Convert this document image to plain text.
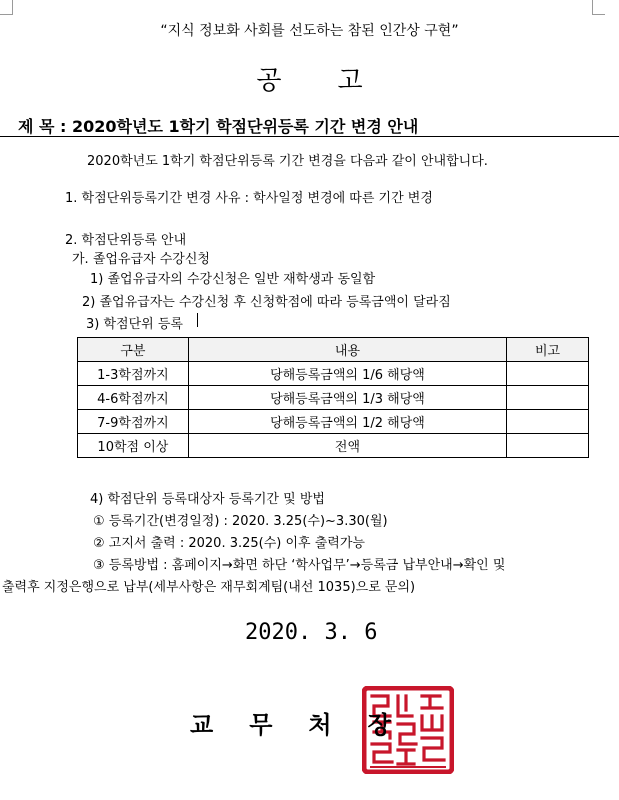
“지식 정보화 사회를 선도하는 참된 인간상 구현”
공 고
제 목 : 2020학년도 1학기 학점단위등록 기간 변경 안내
2020학년도 1학기 학점단위등록 기간 변경을 다음과 같이 안내합니다.
1. 학점단위등록기간 변경 사유 : 학사일정 변경에 따른 기간 변경
2. 학점단위등록 안내
가. 졸업유급자 수강신청
1) 졸업유급자의 수강신청은 일반 재학생과 동일함
2) 졸업유급자는 수강신청 후 신청학점에 따라 등록금액이 달라짐
3) 학점단위 등록
구분	내용	비고
1-3학점까지	당해등록금액의 1/6 해당액	
4-6학점까지	당해등록금액의 1/3 해당액	
7-9학점까지	당해등록금액의 1/2 해당액	
10학점 이상	전액	
4) 학점단위 등록대상자 등록기간 및 방법
① 등록기간(변경일정) : 2020. 3.25(수)~3.30(월)
② 고지서 출력 : 2020. 3.25(수) 이후 출력가능
③ 등록방법 : 홈페이지→화면 하단 ‘학사업무’→등록금 납부안내→확인 및
출력후 지정은행으로 납부(세부사항은 재무회계팀(내선 1035)으로 문의)
2020. 3. 6
교 무 처 장
